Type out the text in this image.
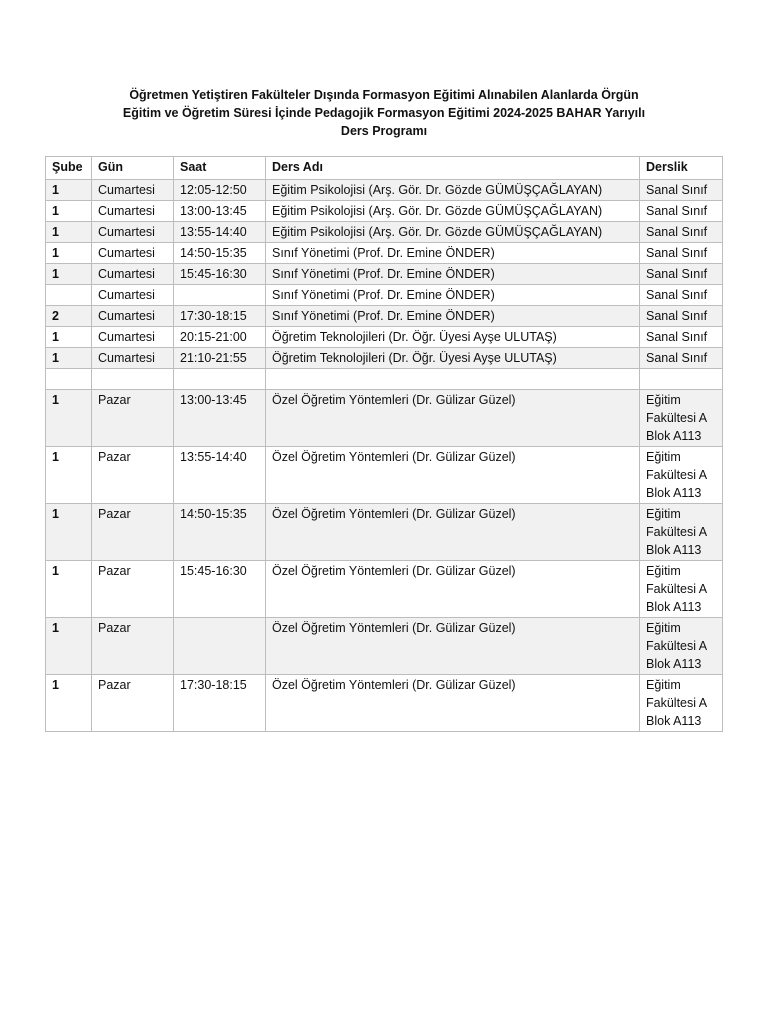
Öğretmen Yetiştiren Fakülteler Dışında Formasyon Eğitimi Alınabilen Alanlarda Örgün
Eğitim ve Öğretim Süresi İçinde Pedagojik Formasyon Eğitimi 2024-2025 BAHAR Yarıyılı
Ders Programı
Şube	Gün	Saat	Ders Adı	Derslik
1	Cumartesi	12:05-12:50	Eğitim Psikolojisi (Arş. Gör. Dr. Gözde GÜMÜŞÇAĞLAYAN)	Sanal Sınıf
1	Cumartesi	13:00-13:45	Eğitim Psikolojisi (Arş. Gör. Dr. Gözde GÜMÜŞÇAĞLAYAN)	Sanal Sınıf
1	Cumartesi	13:55-14:40	Eğitim Psikolojisi (Arş. Gör. Dr. Gözde GÜMÜŞÇAĞLAYAN)	Sanal Sınıf
1	Cumartesi	14:50-15:35	Sınıf Yönetimi (Prof. Dr. Emine ÖNDER)	Sanal Sınıf
1	Cumartesi	15:45-16:30	Sınıf Yönetimi (Prof. Dr. Emine ÖNDER)	Sanal Sınıf
	Cumartesi		Sınıf Yönetimi (Prof. Dr. Emine ÖNDER)	Sanal Sınıf
2	Cumartesi	17:30-18:15	Sınıf Yönetimi (Prof. Dr. Emine ÖNDER)	Sanal Sınıf
1	Cumartesi	20:15-21:00	Öğretim Teknolojileri (Dr. Öğr. Üyesi Ayşe ULUTAŞ)	Sanal Sınıf
1	Cumartesi	21:10-21:55	Öğretim Teknolojileri (Dr. Öğr. Üyesi Ayşe ULUTAŞ)	Sanal Sınıf

1	Pazar	13:00-13:45	Özel Öğretim Yöntemleri (Dr. Gülizar Güzel)	Eğitim Fakültesi A Blok A113
1	Pazar	13:55-14:40	Özel Öğretim Yöntemleri (Dr. Gülizar Güzel)	Eğitim Fakültesi A Blok A113
1	Pazar	14:50-15:35	Özel Öğretim Yöntemleri (Dr. Gülizar Güzel)	Eğitim Fakültesi A Blok A113
1	Pazar	15:45-16:30	Özel Öğretim Yöntemleri (Dr. Gülizar Güzel)	Eğitim Fakültesi A Blok A113
1	Pazar		Özel Öğretim Yöntemleri (Dr. Gülizar Güzel)	Eğitim Fakültesi A Blok A113
1	Pazar	17:30-18:15	Özel Öğretim Yöntemleri (Dr. Gülizar Güzel)	Eğitim Fakültesi A Blok A113
